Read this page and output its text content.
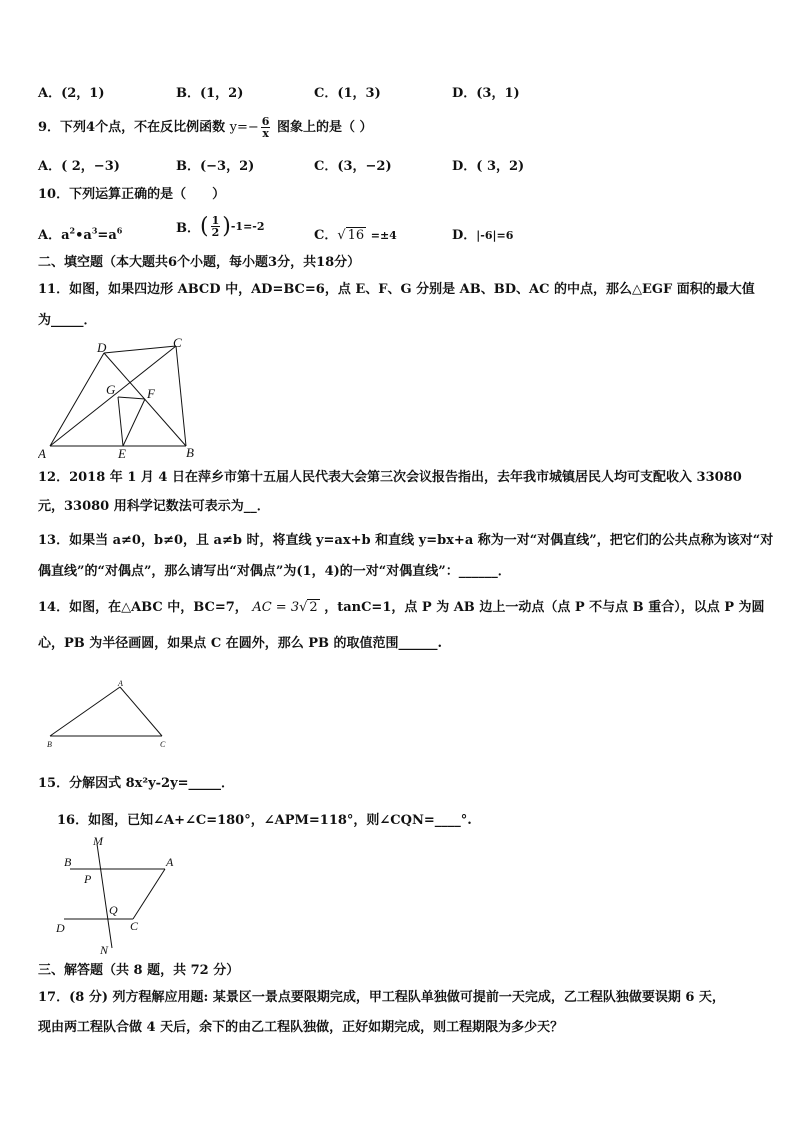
A．(2，1)	B．(1，2)	C．(1，3)	D．(3，1)
9．下列4个点，不在反比例函数 $y=- \frac{6}{x}$ 图象上的是（ ）
A．( 2，−3)	B．(−3，2)	C．(3，−2)	D．( 3，2)
10．下列运算正确的是（　　）
A．$a^2•a^3=a^6$	B．( $\frac{1}{2} )-1=-2$
C．√ 16 =±4	D．|-6|=6
二、填空题（本大题共6个小题，每小题3分，共18分）
11．如图，如果四边形 ABCD 中，AD=BC=6，点 E、F、G 分别是 AB、BD、AC 的中点，那么△EGF 面积的最大值
为_____．
A	B
C
D
E
F
G
12．2018 年 1 月 4 日在萍乡市第十五届人民代表大会第三次会议报告指出，去年我市城镇居民人均可支配收入 33080
元，33080 用科学记数法可表示为__．
13．如果当 a≠0，b≠0，且 a≠b 时，将直线 y=ax+b 和直线 y=bx+a 称为一对“对偶直线”，把它们的公共点称为该对“对
偶直线”的“对偶点”，那么请写出“对偶点”为(1，4)的一对“对偶直线”：______．
14．如图，在△ABC 中，BC=7， AC = 3√ 2 ，tanC=1，点 P 为 AB 边上一动点（点 P 不与点 B 重合），以点 P 为圆
心，PB 为半径画圆，如果点 C 在圆外，那么 PB 的取值范围______.
A
B	C
15．分解因式 8x²y-2y=_____．
16．如图，已知∠A+∠C=180°，∠APM=118°，则∠CQN=____°.
M
B	A
P
Q
D	C
N
三、解答题（共 8 题，共 72 分）
17．(8 分) 列方程解应用题: 某景区一景点要限期完成，甲工程队单独做可提前一天完成，乙工程队独做要误期 6 天，
现由两工程队合做 4 天后，余下的由乙工程队独做，正好如期完成，则工程期限为多少天？
